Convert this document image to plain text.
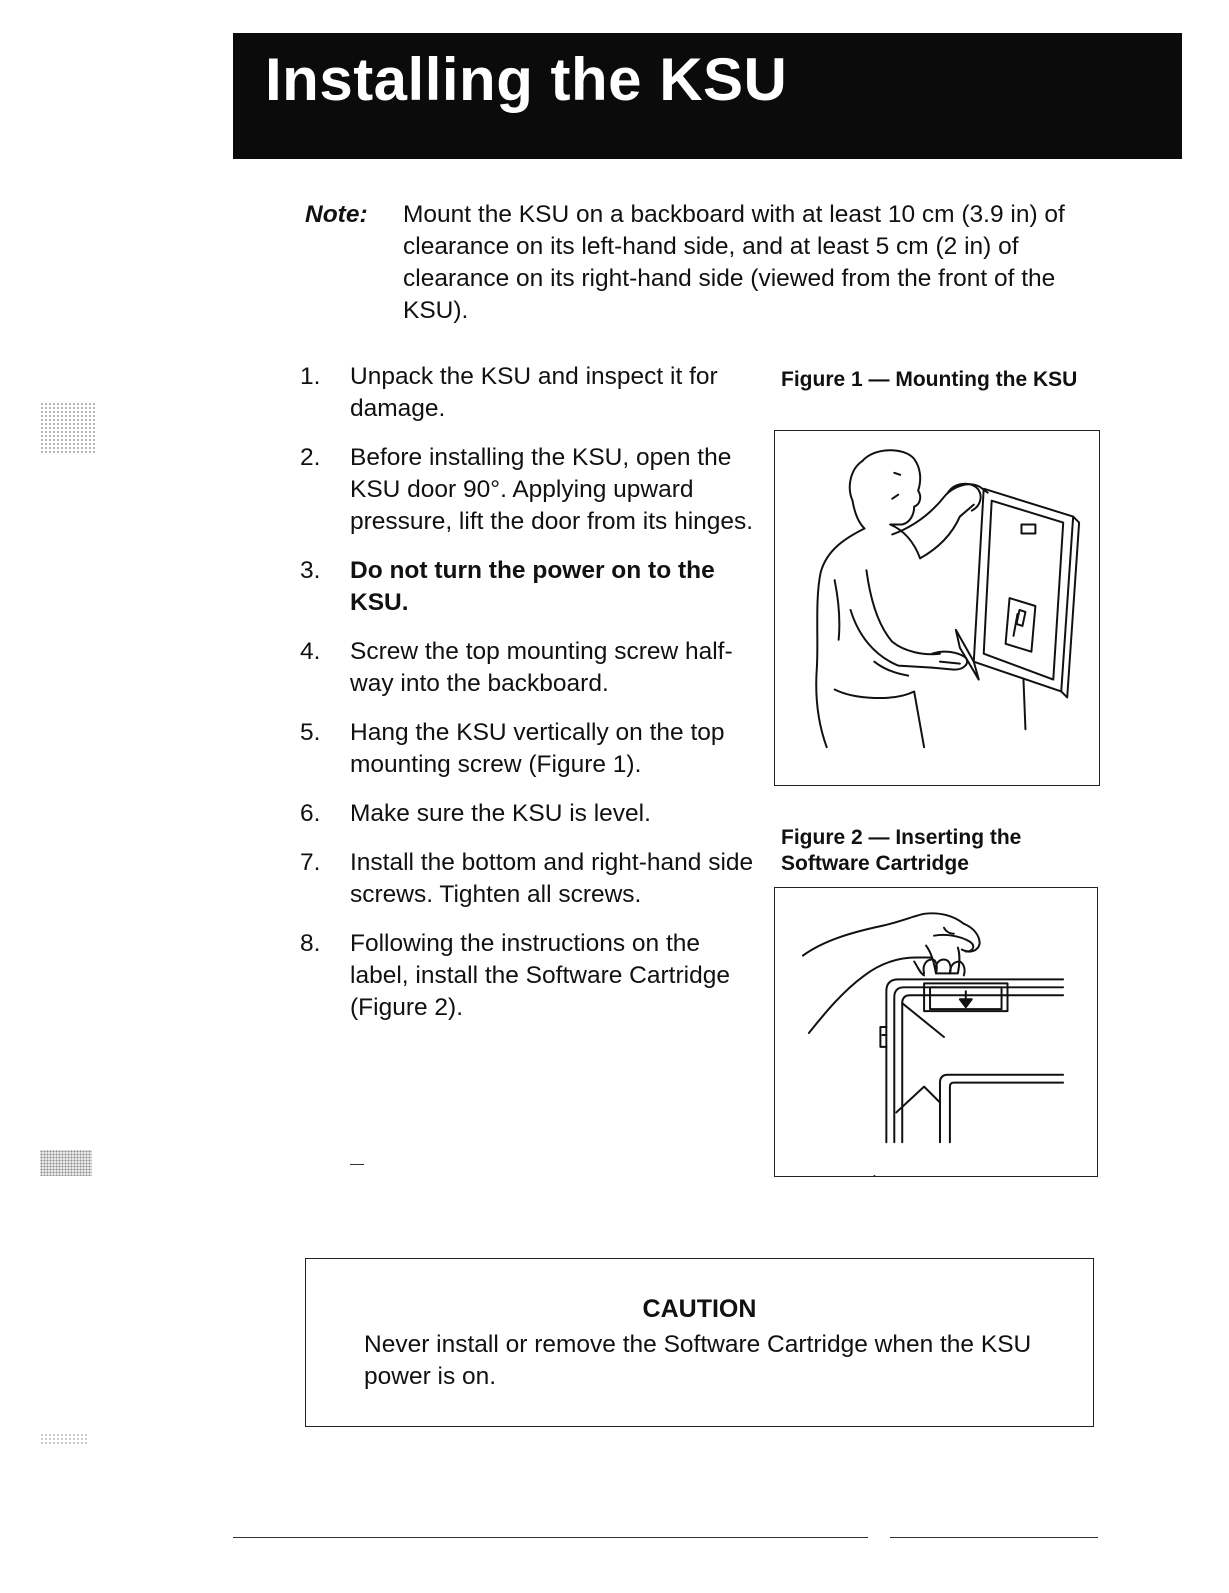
Installing the KSU
Note: Mount the KSU on a backboard with at least 10 cm (3.9 in) of clearance on its left-hand side, and at least 5 cm (2 in) of clearance on its right-hand side (viewed from the front of the KSU).

1. Unpack the KSU and inspect it for damage.
2. Before installing the KSU, open the KSU door 90°. Applying upward pressure, lift the door from its hinges.
3. Do not turn the power on to the KSU.
4. Screw the top mounting screw half-way into the backboard.
5. Hang the KSU vertically on the top mounting screw (Figure 1).
6. Make sure the KSU is level.
7. Install the bottom and right-hand side screws. Tighten all screws.
8. Following the instructions on the label, install the Software Cartridge (Figure 2).
Figure 1 — Mounting the KSU
Figure 2 — Inserting the Software Cartridge
CAUTION

Never install or remove the Software Cartridge when the KSU power is on.
